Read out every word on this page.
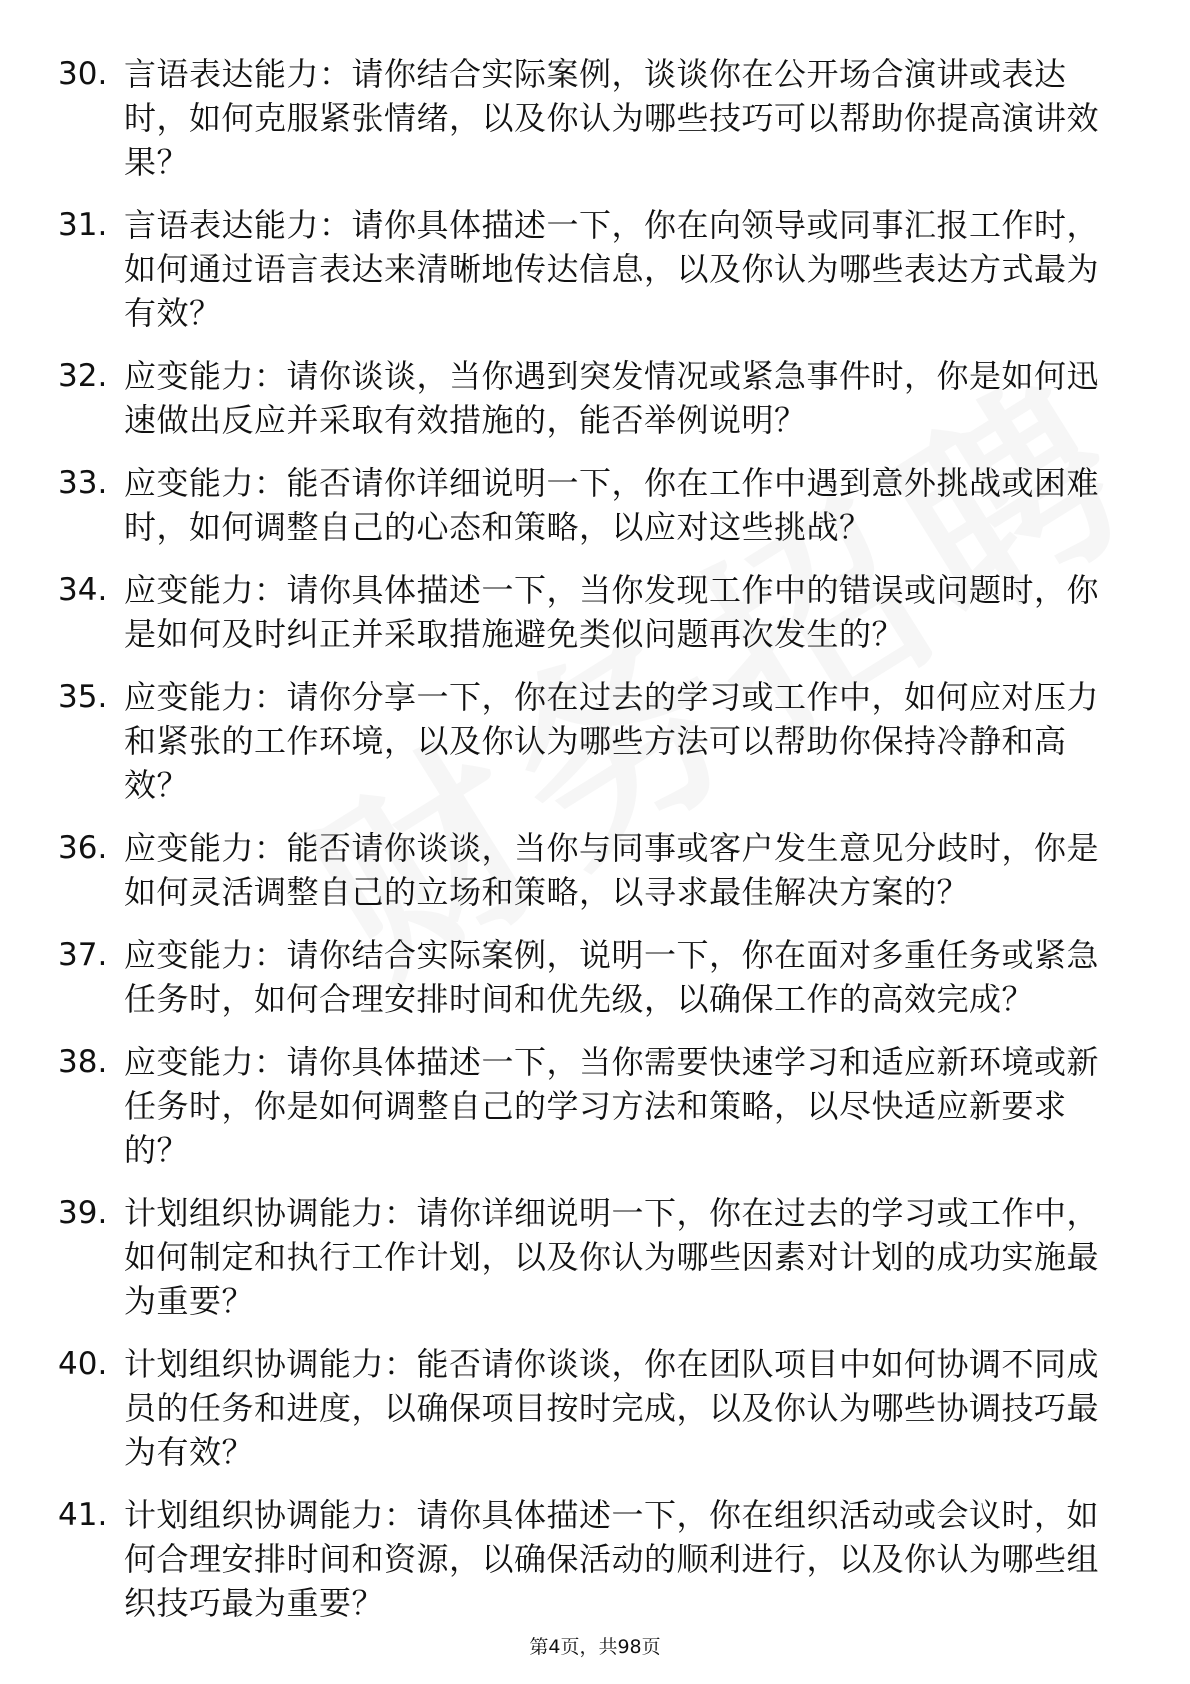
30. 言语表达能力：请你结合实际案例，谈谈你在公开场合演讲或表达时，如何克服紧张情绪，以及你认为哪些技巧可以帮助你提高演讲效果？
31. 言语表达能力：请你具体描述一下，你在向领导或同事汇报工作时，如何通过语言表达来清晰地传达信息，以及你认为哪些表达方式最为有效？
32. 应变能力：请你谈谈，当你遇到突发情况或紧急事件时，你是如何迅速做出反应并采取有效措施的，能否举例说明？
33. 应变能力：能否请你详细说明一下，你在工作中遇到意外挑战或困难时，如何调整自己的心态和策略，以应对这些挑战？
34. 应变能力：请你具体描述一下，当你发现工作中的错误或问题时，你是如何及时纠正并采取措施避免类似问题再次发生的？
35. 应变能力：请你分享一下，你在过去的学习或工作中，如何应对压力和紧张的工作环境，以及你认为哪些方法可以帮助你保持冷静和高效？
36. 应变能力：能否请你谈谈，当你与同事或客户发生意见分歧时，你是如何灵活调整自己的立场和策略，以寻求最佳解决方案的？
37. 应变能力：请你结合实际案例，说明一下，你在面对多重任务或紧急任务时，如何合理安排时间和优先级，以确保工作的高效完成？
38. 应变能力：请你具体描述一下，当你需要快速学习和适应新环境或新任务时，你是如何调整自己的学习方法和策略，以尽快适应新要求的？
39. 计划组织协调能力：请你详细说明一下，你在过去的学习或工作中，如何制定和执行工作计划，以及你认为哪些因素对计划的成功实施最为重要？
40. 计划组织协调能力：能否请你谈谈，你在团队项目中如何协调不同成员的任务和进度，以确保项目按时完成，以及你认为哪些协调技巧最为有效？
41. 计划组织协调能力：请你具体描述一下，你在组织活动或会议时，如何合理安排时间和资源，以确保活动的顺利进行，以及你认为哪些组织技巧最为重要？
第4页，共98页
